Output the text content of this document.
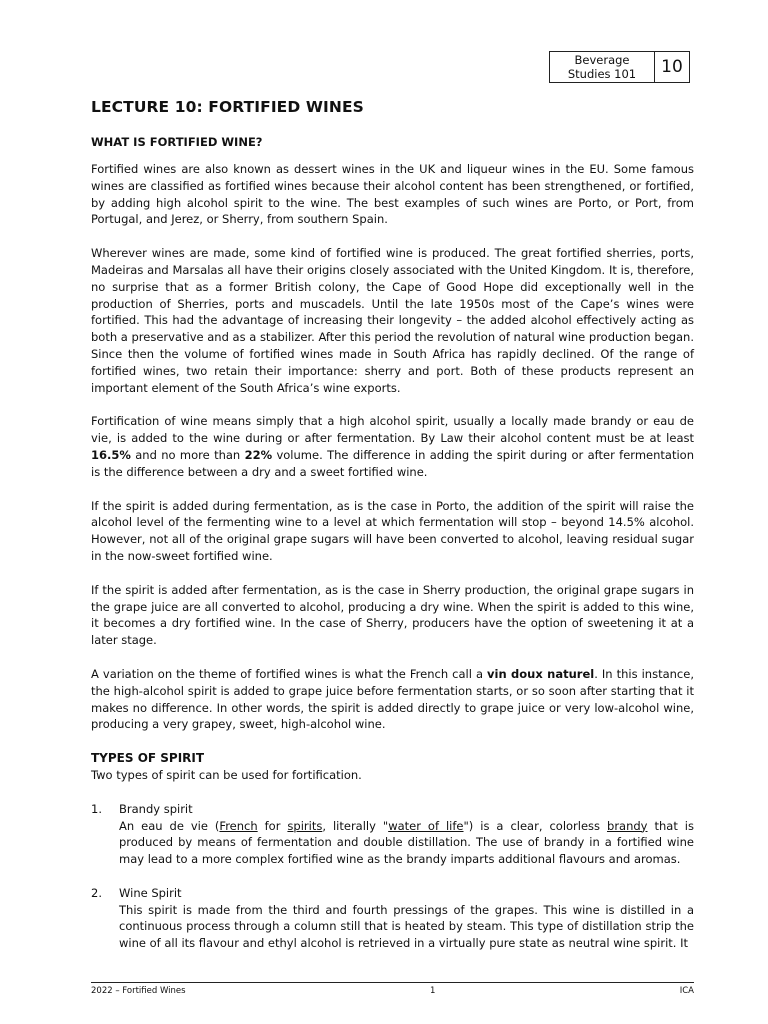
Beverage
Studies 101	10
LECTURE 10: FORTIFIED WINES
WHAT IS FORTIFIED WINE?

Fortified wines are also known as dessert wines in the UK and liqueur wines in the EU. Some famous wines are classified as fortified wines because their alcohol content has been strengthened, or fortified, by adding high alcohol spirit to the wine. The best examples of such wines are Porto, or Port, from Portugal, and Jerez, or Sherry, from southern Spain.

Wherever wines are made, some kind of fortified wine is produced. The great fortified sherries, ports, Madeiras and Marsalas all have their origins closely associated with the United Kingdom. It is, therefore, no surprise that as a former British colony, the Cape of Good Hope did exceptionally well in the production of Sherries, ports and muscadels. Until the late 1950s most of the Cape’s wines were fortified. This had the advantage of increasing their longevity – the added alcohol effectively acting as both a preservative and as a stabilizer. After this period the revolution of natural wine production began. Since then the volume of fortified wines made in South Africa has rapidly declined. Of the range of fortified wines, two retain their importance: sherry and port. Both of these products represent an important element of the South Africa’s wine exports.

Fortification of wine means simply that a high alcohol spirit, usually a locally made brandy or eau de vie, is added to the wine during or after fermentation. By Law their alcohol content must be at least 16.5% and no more than 22% volume. The difference in adding the spirit during or after fermentation is the difference between a dry and a sweet fortified wine.

If the spirit is added during fermentation, as is the case in Porto, the addition of the spirit will raise the alcohol level of the fermenting wine to a level at which fermentation will stop – beyond 14.5% alcohol. However, not all of the original grape sugars will have been converted to alcohol, leaving residual sugar in the now-sweet fortified wine.

If the spirit is added after fermentation, as is the case in Sherry production, the original grape sugars in the grape juice are all converted to alcohol, producing a dry wine. When the spirit is added to this wine, it becomes a dry fortified wine. In the case of Sherry, producers have the option of sweetening it at a later stage.

A variation on the theme of fortified wines is what the French call a vin doux naturel. In this instance, the high-alcohol spirit is added to grape juice before fermentation starts, or so soon after starting that it makes no difference. In other words, the spirit is added directly to grape juice or very low-alcohol wine, producing a very grapey, sweet, high-alcohol wine.

TYPES OF SPIRIT

Two types of spirit can be used for fortification.

1.	Brandy spirit
An eau de vie (French for spirits, literally "water of life") is a clear, colorless brandy that is produced by means of fermentation and double distillation. The use of brandy in a fortified wine may lead to a more complex fortified wine as the brandy imparts additional flavours and aromas.
2.	Wine Spirit
This spirit is made from the third and fourth pressings of the grapes. This wine is distilled in a continuous process through a column still that is heated by steam. This type of distillation strip the wine of all its flavour and ethyl alcohol is retrieved in a virtually pure state as neutral wine spirit. It
2022 – Fortified Wines	1	ICA
